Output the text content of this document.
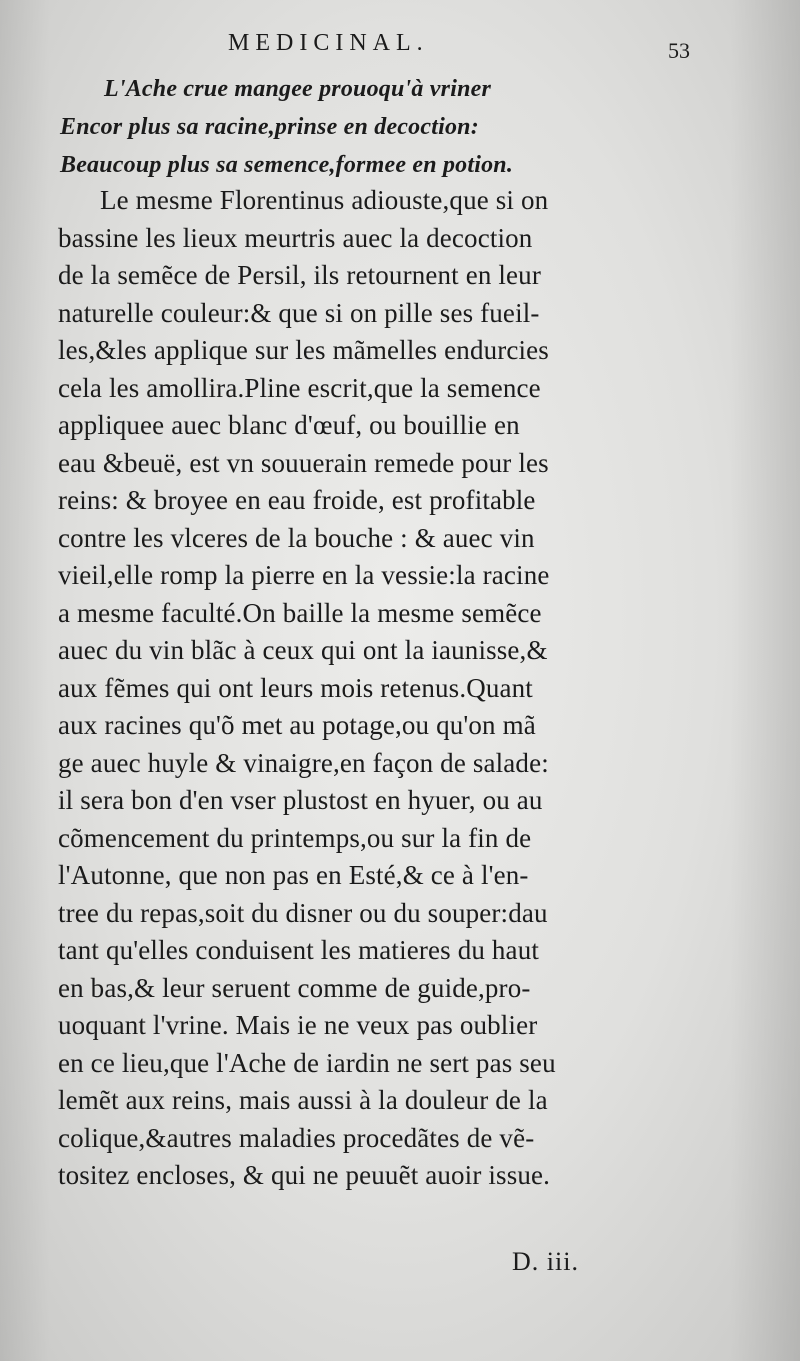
MEDICINAL.	53
L'Ache crue mangee prouoqu'à vriner
Encor plus sa racine,prinse en decoction:
Beaucoup plus sa semence,formee en potion.
Le mesme Florentinus adiouste,que si on
bassine les lieux meurtris auec la decoction
de la semẽce de Persil, ils retournent en leur
naturelle couleur:& que si on pille ses fueil-
les,&les applique sur les mãmelles endurcies
cela les amollira.Pline escrit,que la semence
appliquee auec blanc d'œuf, ou bouillie en
eau &beuë, est vn souuerain remede pour les
reins: & broyee en eau froide, est profitable
contre les vlceres de la bouche : & auec vin
vieil,elle romp la pierre en la vessie:la racine
a mesme faculté.On baille la mesme semẽce
auec du vin blãc à ceux qui ont la iaunisse,&
aux fẽmes qui ont leurs mois retenus.Quant
aux racines qu'õ met au potage,ou qu'on mã
ge auec huyle & vinaigre,en façon de salade:
il sera bon d'en vser plustost en hyuer, ou au
cõmencement du printemps,ou sur la fin de
l'Autonne, que non pas en Esté,& ce à l'en-
tree du repas,soit du disner ou du souper:dau
tant qu'elles conduisent les matieres du haut
en bas,& leur seruent comme de guide,pro-
uoquant l'vrine. Mais ie ne veux pas oublier
en ce lieu,que l'Ache de iardin ne sert pas seu
lemẽt aux reins, mais aussi à la douleur de la
colique,&autres maladies procedãtes de vẽ-
tositez encloses, & qui ne peuuẽt auoir issue.
D. iii.
